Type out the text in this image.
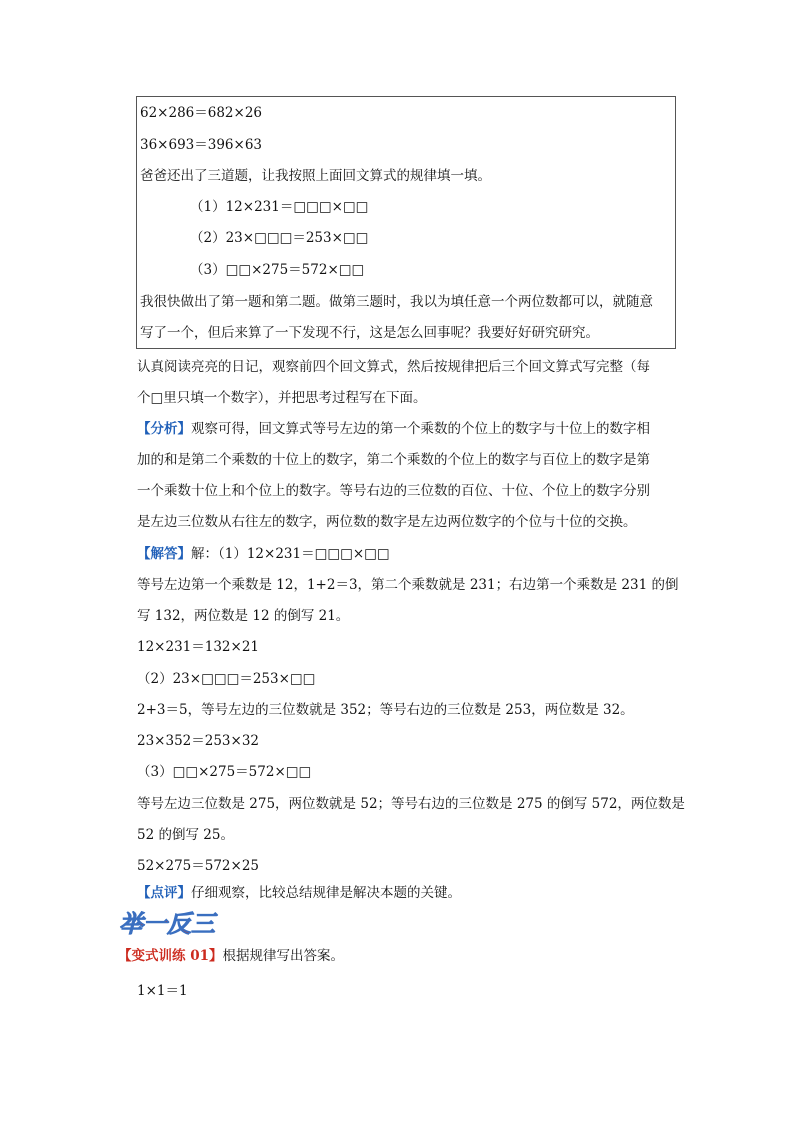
62×286＝682×26
36×693＝396×63
爸爸还出了三道题，让我按照上面回文算式的规律填一填。
（1）12×231＝□□□×□□
（2）23×□□□＝253×□□
（3）□□×275＝572×□□
我很快做出了第一题和第二题。做第三题时，我以为填任意一个两位数都可以，就随意
写了一个，但后来算了一下发现不行，这是怎么回事呢？我要好好研究研究。
认真阅读亮亮的日记，观察前四个回文算式，然后按规律把后三个回文算式写完整（每
个□里只填一个数字），并把思考过程写在下面。
【分析】观察可得，回文算式等号左边的第一个乘数的个位上的数字与十位上的数字相
加的和是第二个乘数的十位上的数字，第二个乘数的个位上的数字与百位上的数字是第
一个乘数十位上和个位上的数字。等号右边的三位数的百位、十位、个位上的数字分别
是左边三位数从右往左的数字，两位数的数字是左边两位数字的个位与十位的交换。
【解答】解：（1）12×231＝□□□×□□
等号左边第一个乘数是 12，1+2＝3，第二个乘数就是 231；右边第一个乘数是 231 的倒
写 132，两位数是 12 的倒写 21。
12×231＝132×21
（2）23×□□□＝253×□□
2+3＝5，等号左边的三位数就是 352；等号右边的三位数是 253，两位数是 32。
23×352＝253×32
（3）□□×275＝572×□□
等号左边三位数是 275，两位数就是 52；等号右边的三位数是 275 的倒写 572，两位数是
52 的倒写 25。
52×275＝572×25
【点评】仔细观察，比较总结规律是解决本题的关键。
举一反三
【变式训练 01】根据规律写出答案。
1×1＝1
